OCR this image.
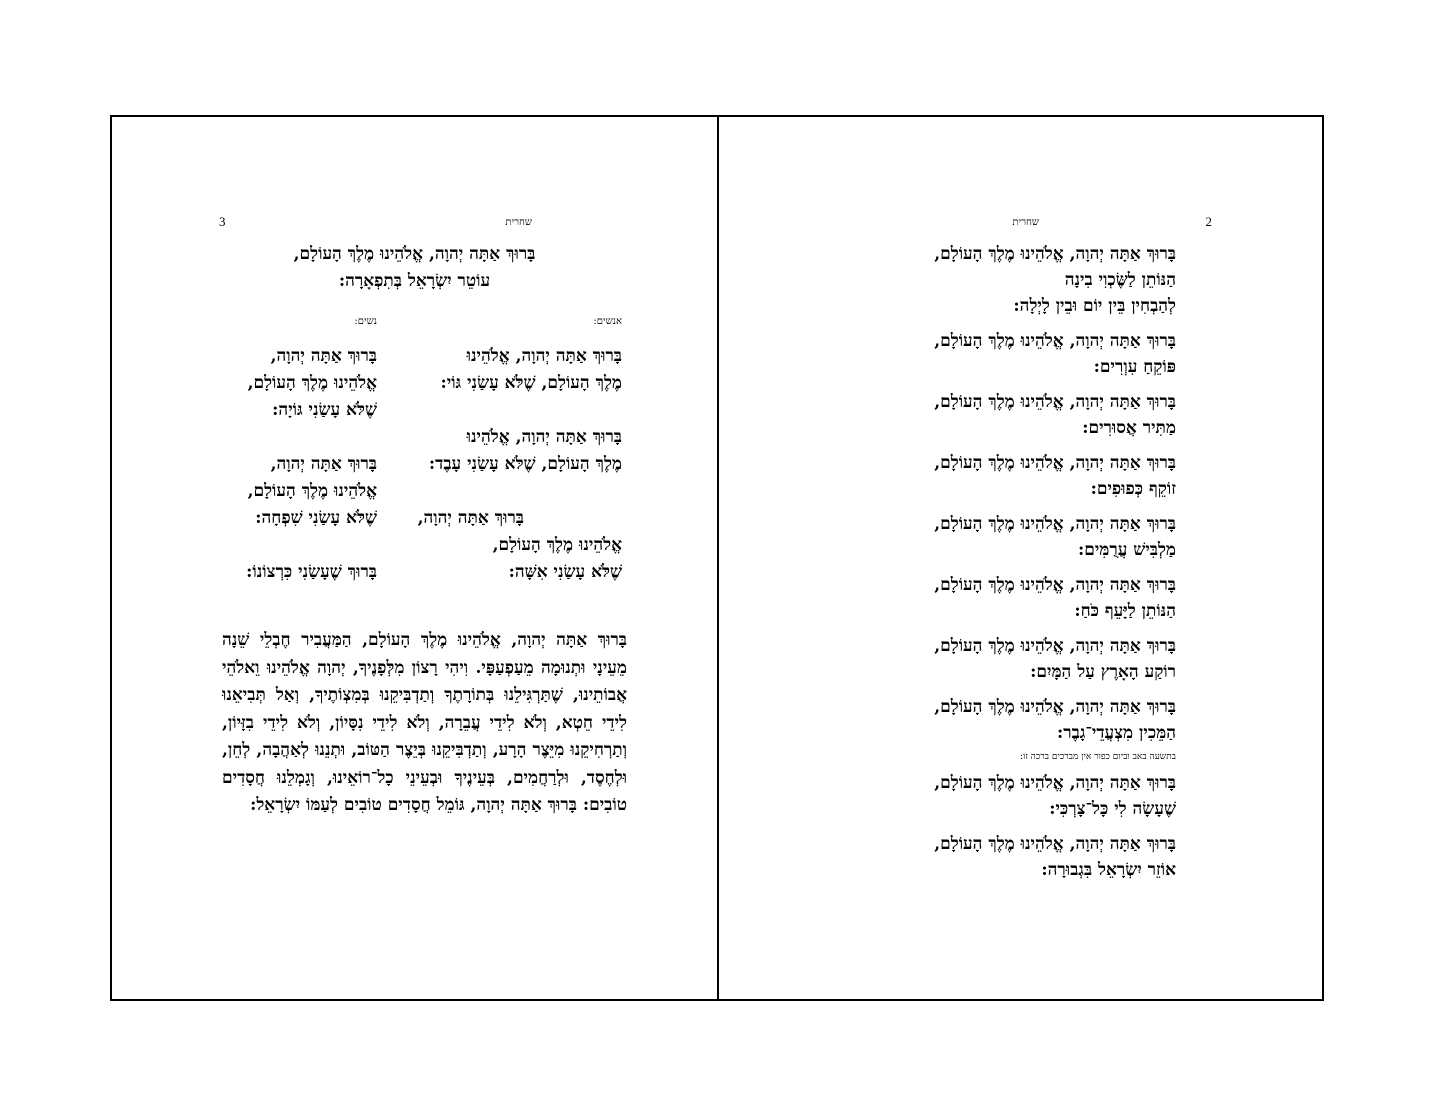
שחרית
3
בָּרוּךְ אַתָּה יְהוָה, אֱלֹהֵינוּ מֶלֶךְ הָעוֹלָם,
עוֹטֵר יִשְׂרָאֵל בְּתִפְאָרָה:
אנשים:
נשים:
בָּרוּךְ אַתָּה יְהוָה, אֱלֹהֵינוּ
מֶלֶךְ הָעוֹלָם, שֶׁלֹּא עָשַׂנִי גּוֹי:
בָּרוּךְ אַתָּה יְהוָה, אֱלֹהֵינוּ
מֶלֶךְ הָעוֹלָם, שֶׁלֹּא עָשַׂנִי עָבֶד:
בָּרוּךְ אַתָּה יְהוָה,
אֱלֹהֵינוּ מֶלֶךְ הָעוֹלָם,
שֶׁלֹּא עָשַׂנִי אִשָּׁה:
בָּרוּךְ אַתָּה יְהוָה,
אֱלֹהֵינוּ מֶלֶךְ הָעוֹלָם,
שֶׁלֹּא עָשַׂנִי גּוֹיָה:
בָּרוּךְ אַתָּה יְהוָה,
אֱלֹהֵינוּ מֶלֶךְ הָעוֹלָם,
שֶׁלֹּא עָשַׂנִי שִׁפְחָה:
בָּרוּךְ שֶׁעָשַׂנִי כִּרְצוֹנוֹ:
בָּרוּךְ אַתָּה יְהוָה, אֱלֹהֵינוּ מֶלֶךְ הָעוֹלָם, הַמַּעֲבִיר חֶבְלֵי שֵׁנָה מֵעֵינָי וּתְנוּמָה מֵעַפְעַפָּי. וִיהִי רָצוֹן מִלְּפָנֶיךָ, יְהוָה אֱלֹהֵינוּ וֵאלֹהֵי אֲבוֹתֵינוּ, שֶׁתַּרְגִּילֵנוּ בְּתוֹרָתֶךָ וְתַדְבִּיקֵנוּ בְּמִצְוֹתֶיךָ, וְאַל תְּבִיאֵנוּ לִידֵי חֵטְא, וְלֹא לִידֵי עֲבֵרָה, וְלֹא לִידֵי נִסָּיוֹן, וְלֹא לִידֵי בִזָּיוֹן, וְתַרְחִיקֵנוּ מִיֵּצֶר הָרָע, וְתַדְבִּיקֵנוּ בְּיֵצֶר הַטּוֹב, וּתְנֵנוּ לְאַהֲבָה, לְחֵן, וּלְחֶסֶד, וּלְרַחֲמִים, בְּעֵינֶיךָ וּבְעֵינֵי כָל־רוֹאֵינוּ, וְגָמְלֵנוּ חֲסָדִים טוֹבִים: בָּרוּךְ אַתָּה יְהוָה, גּוֹמֵל חֲסָדִים טוֹבִים לְעַמּוֹ יִשְׂרָאֵל:
שחרית	2
בָּרוּךְ אַתָּה יְהוָה, אֱלֹהֵינוּ מֶלֶךְ הָעוֹלָם,
הַנּוֹתֵן לַשֶּׂכְוִי בִינָה
לְהַבְחִין בֵּין יוֹם וּבֵין לָיְלָה:
בָּרוּךְ אַתָּה יְהוָה, אֱלֹהֵינוּ מֶלֶךְ הָעוֹלָם,
פּוֹקֵחַ עִוְרִים:
בָּרוּךְ אַתָּה יְהוָה, אֱלֹהֵינוּ מֶלֶךְ הָעוֹלָם,
מַתִּיר אֲסוּרִים:
בָּרוּךְ אַתָּה יְהוָה, אֱלֹהֵינוּ מֶלֶךְ הָעוֹלָם,
זוֹקֵף כְּפוּפִים:
בָּרוּךְ אַתָּה יְהוָה, אֱלֹהֵינוּ מֶלֶךְ הָעוֹלָם,
מַלְבִּישׁ עֲרֻמִּים:
בָּרוּךְ אַתָּה יְהוָה, אֱלֹהֵינוּ מֶלֶךְ הָעוֹלָם,
הַנּוֹתֵן לַיָּעֵף כֹּחַ:
בָּרוּךְ אַתָּה יְהוָה, אֱלֹהֵינוּ מֶלֶךְ הָעוֹלָם,
רוֹקַע הָאָרֶץ עַל הַמָּיִם:
בָּרוּךְ אַתָּה יְהוָה, אֱלֹהֵינוּ מֶלֶךְ הָעוֹלָם,
הַמֵּכִין מִצְעֲדֵי־גָבֶר:
בתשעה באב וביום כפור אין מברכים ברכה זו:
בָּרוּךְ אַתָּה יְהוָה, אֱלֹהֵינוּ מֶלֶךְ הָעוֹלָם,
שֶׁעָשָׂה לִי כָּל־צָרְכִּי:
בָּרוּךְ אַתָּה יְהוָה, אֱלֹהֵינוּ מֶלֶךְ הָעוֹלָם,
אוֹזֵר יִשְׂרָאֵל בִּגְבוּרָה:
